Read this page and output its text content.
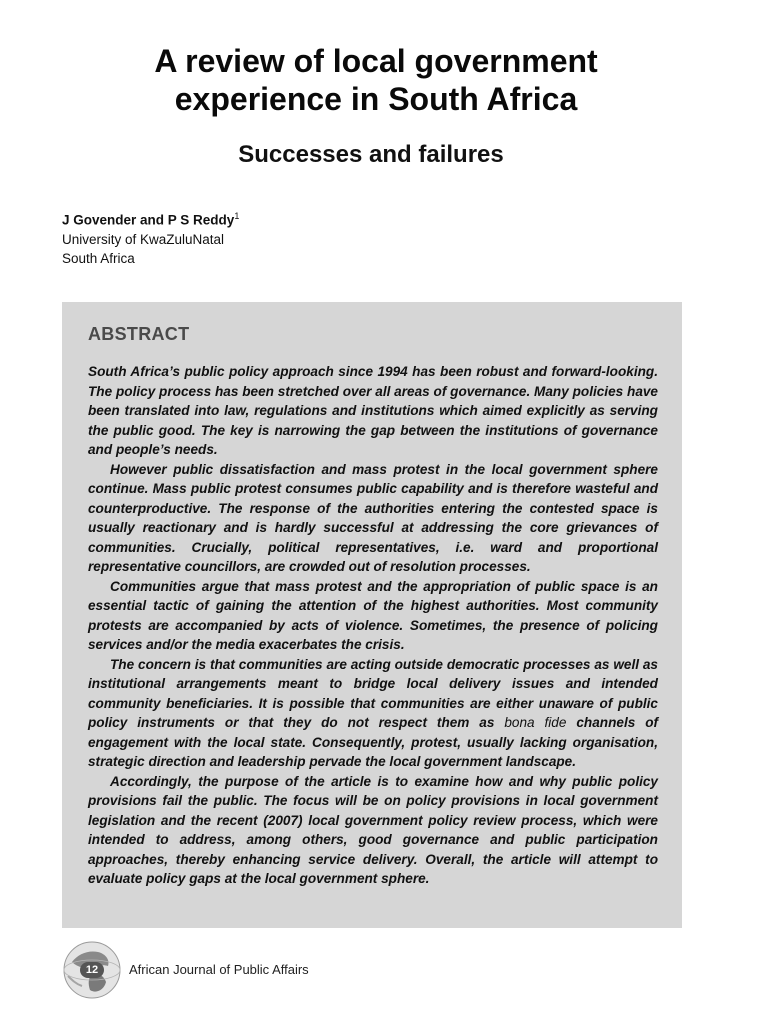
A review of local government
experience in South Africa
Successes and failures
J Govender and P S Reddy$^1$
University of KwaZuluNatal
South Africa
ABSTRACT

South Africa’s public policy approach since 1994 has been robust and forward-looking. The policy process has been stretched over all areas of governance. Many policies have been translated into law, regulations and institutions which aimed explicitly as serving the public good. The key is narrowing the gap between the institutions of governance and people’s needs.

However public dissatisfaction and mass protest in the local government sphere continue. Mass public protest consumes public capability and is therefore wasteful and counterproductive. The response of the authorities entering the contested space is usually reactionary and is hardly successful at addressing the core grievances of communities. Crucially, political representatives, i.e. ward and proportional representative councillors, are crowded out of resolution processes.

Communities argue that mass protest and the appropriation of public space is an essential tactic of gaining the attention of the highest authorities. Most community protests are accompanied by acts of violence. Sometimes, the presence of policing services and/or the media exacerbates the crisis.

The concern is that communities are acting outside democratic processes as well as institutional arrangements meant to bridge local delivery issues and intended community beneficiaries. It is possible that communities are either unaware of public policy instruments or that they do not respect them as bona fide channels of engagement with the local state. Consequently, protest, usually lacking organisation, strategic direction and leadership pervade the local government landscape.

Accordingly, the purpose of the article is to examine how and why public policy provisions fail the public. The focus will be on policy provisions in local government legislation and the recent (2007) local government policy review process, which were intended to address, among others, good governance and public participation approaches, thereby enhancing service delivery. Overall, the article will attempt to evaluate policy gaps at the local government sphere.

12	African Journal of Public Affairs
